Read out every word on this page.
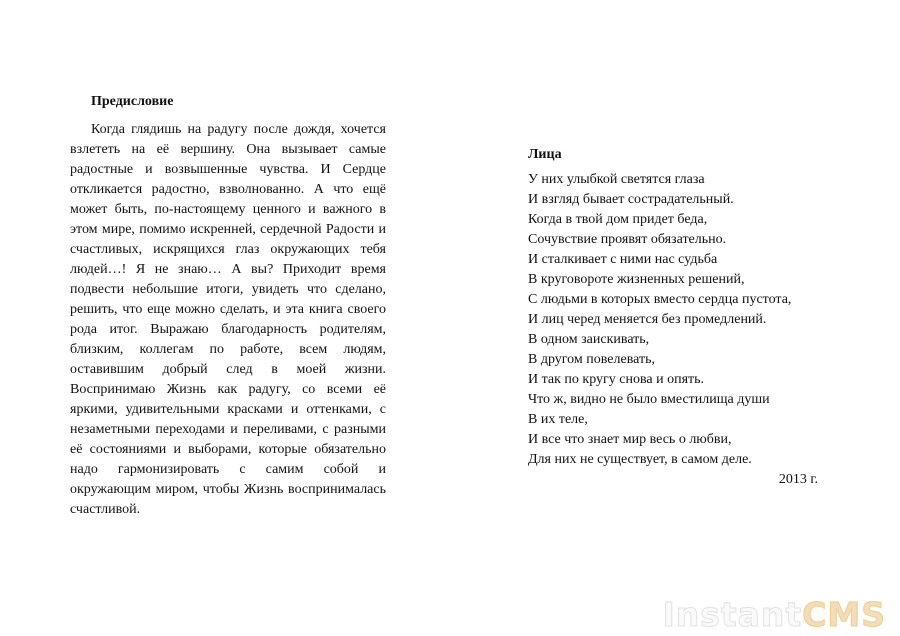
Предисловие

Когда глядишь на радугу после дождя, хочется взлететь на её вершину. Она вызывает самые радостные и возвышенные чувства. И Сердце откликается радостно, взволнованно. А что ещё может быть, по-настоящему ценного и важного в этом мире, помимо искренней, сердечной Радости и счастливых, искрящихся глаз окружающих тебя людей…! Я не знаю… А вы? Приходит время подвести небольшие итоги, увидеть что сделано, решить, что еще можно сделать, и эта книга своего рода итог. Выражаю благодарность родителям, близким, коллегам по работе, всем людям, оставившим добрый след в моей жизни. Воспринимаю Жизнь как радугу, со всеми её яркими, удивительными красками и оттенками, с незаметными переходами и переливами, с разными её состояниями и выборами, которые обязательно надо гармонизировать с самим собой и окружающим миром, чтобы Жизнь воспринималась счастливой.

Лица
У них улыбкой светятся глаза
И взгляд бывает сострадательный.
Когда в твой дом придет беда,
Сочувствие проявят обязательно.
И сталкивает с ними нас судьба
В круговороте жизненных решений,
С людьми в которых вместо сердца пустота,
И лиц черед меняется без промедлений.
В одном заискивать,
В другом повелевать,
И так по кругу снова и опять.
Что ж, видно не было вместилища души
В их теле,
И все что знает мир весь о любви,
Для них не существует, в самом деле.

2013 г.

InstantCMS
